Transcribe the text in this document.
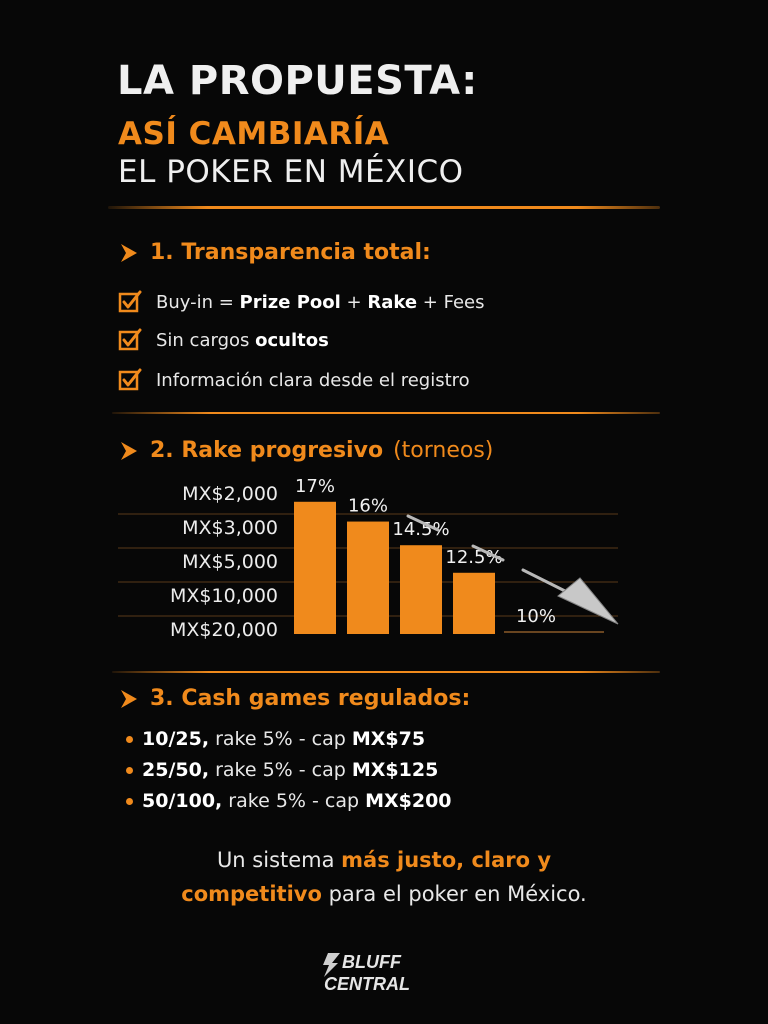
LA PROPUESTA:
ASÍ CAMBIARÍA
EL POKER EN MÉXICO
1. Transparencia total:
Buy-in = Prize Pool + Rake + Fees
Sin cargos ocultos
Información clara desde el registro
2. Rake progresivo (torneos)
MX$2,000
MX$3,000
MX$5,000
MX$10,000
MX$20,000
17%
16%
14.5%
12.5%
10%
3. Cash games regulados:
10/25, rake 5% - cap MX$75
25/50, rake 5% - cap MX$125
50/100, rake 5% - cap MX$200
Un sistema más justo, claro y
competitivo para el poker en México.
BLUFF
CENTRAL
